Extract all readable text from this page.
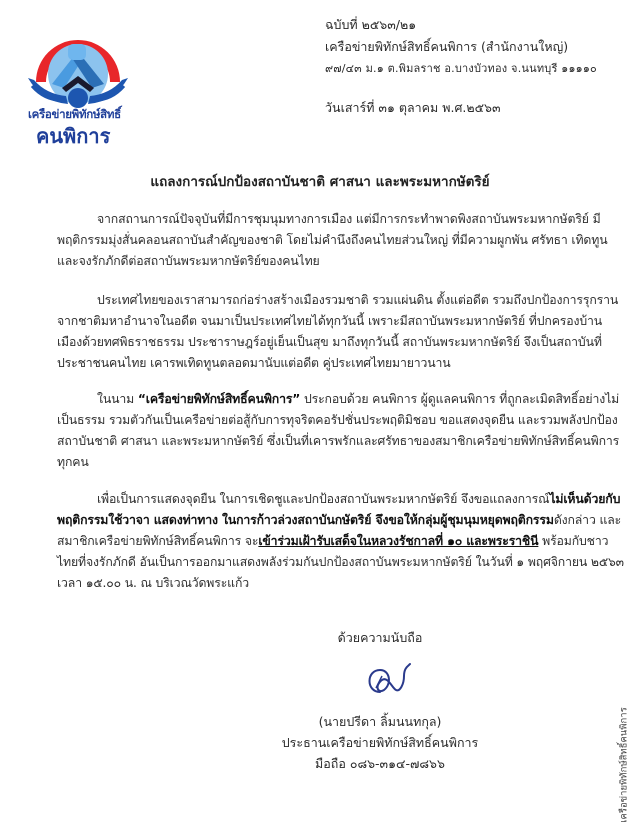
เครือข่ายพิทักษ์สิทธิ์
คนพิการ
ฉบับที่ ๒๕๖๓/๒๑
เครือข่ายพิทักษ์สิทธิ์คนพิการ (สำนักงานใหญ่)
๙๗/๔๓ ม.๑ ต.พิมลราช อ.บางบัวทอง จ.นนทบุรี ๑๑๑๑๐
วันเสาร์ที่ ๓๑ ตุลาคม พ.ศ.๒๕๖๓
แถลงการณ์ปกป้องสถาบันชาติ ศาสนา และพระมหากษัตริย์
จากสถานการณ์ปัจจุบันที่มีการชุมนุมทางการเมือง แต่มีการกระทำพาดพิงสถาบันพระมหากษัตริย์ มีพฤติกรรมมุ่งสั่นคลอนสถาบันสำคัญของชาติ โดยไม่คำนึงถึงคนไทยส่วนใหญ่ ที่มีความผูกพัน ศรัทธา เทิดทูน และจงรักภักดีต่อสถาบันพระมหากษัตริย์ของคนไทย
ประเทศไทยของเราสามารถก่อร่างสร้างเมืองรวมชาติ รวมแผ่นดิน ตั้งแต่อดีต รวมถึงปกป้องการรุกรานจากชาติมหาอำนาจในอดีต จนมาเป็นประเทศไทยได้ทุกวันนี้ เพราะมีสถาบันพระมหากษัตริย์ ที่ปกครองบ้านเมืองด้วยทศพิธราชธรรม ประชาราษฎร์อยู่เย็นเป็นสุข มาถึงทุกวันนี้ สถาบันพระมหากษัตริย์ จึงเป็นสถาบันที่ประชาชนคนไทย เคารพเทิดทูนตลอดมานับแต่อดีต คู่ประเทศไทยมายาวนาน
ในนาม “เครือข่ายพิทักษ์สิทธิ์คนพิการ” ประกอบด้วย คนพิการ ผู้ดูแลคนพิการ ที่ถูกละเมิดสิทธิ์อย่างไม่เป็นธรรม รวมตัวกันเป็นเครือข่ายต่อสู้กับการทุจริตคอรัปชั่นประพฤติมิชอบ ขอแสดงจุดยืน และรวมพลังปกป้องสถาบันชาติ ศาสนา และพระมหากษัตริย์ ซึ่งเป็นที่เคารพรักและศรัทธาของสมาชิกเครือข่ายพิทักษ์สิทธิ์คนพิการทุกคน
เพื่อเป็นการแสดงจุดยืน ในการเชิดชูและปกป้องสถาบันพระมหากษัตริย์ จึงขอแถลงการณ์ไม่เห็นด้วยกับพฤติกรรมใช้วาจา แสดงท่าทาง ในการก้าวล่วงสถาบันกษัตริย์ จึงขอให้กลุ่มผู้ชุมนุมหยุดพฤติกรรมดังกล่าว และสมาชิกเครือข่ายพิทักษ์สิทธิ์คนพิการ จะเข้าร่วมเฝ้ารับเสด็จในหลวงรัชกาลที่ ๑๐ และพระราชินี พร้อมกับชาวไทยที่จงรักภักดี อันเป็นการออกมาแสดงพลังร่วมกันปกป้องสถาบันพระมหากษัตริย์ ในวันที่ ๑ พฤศจิกายน ๒๕๖๓ เวลา ๑๕.๐๐ น. ณ บริเวณวัดพระแก้ว
ด้วยความนับถือ
(นายปรีดา ลิ้มนนทกุล)
ประธานเครือข่ายพิทักษ์สิทธิ์คนพิการ
มือถือ ๐๘๖-๓๑๔-๗๘๖๖	เครือข่ายพิทักษ์สิทธิ์คนพิการ
